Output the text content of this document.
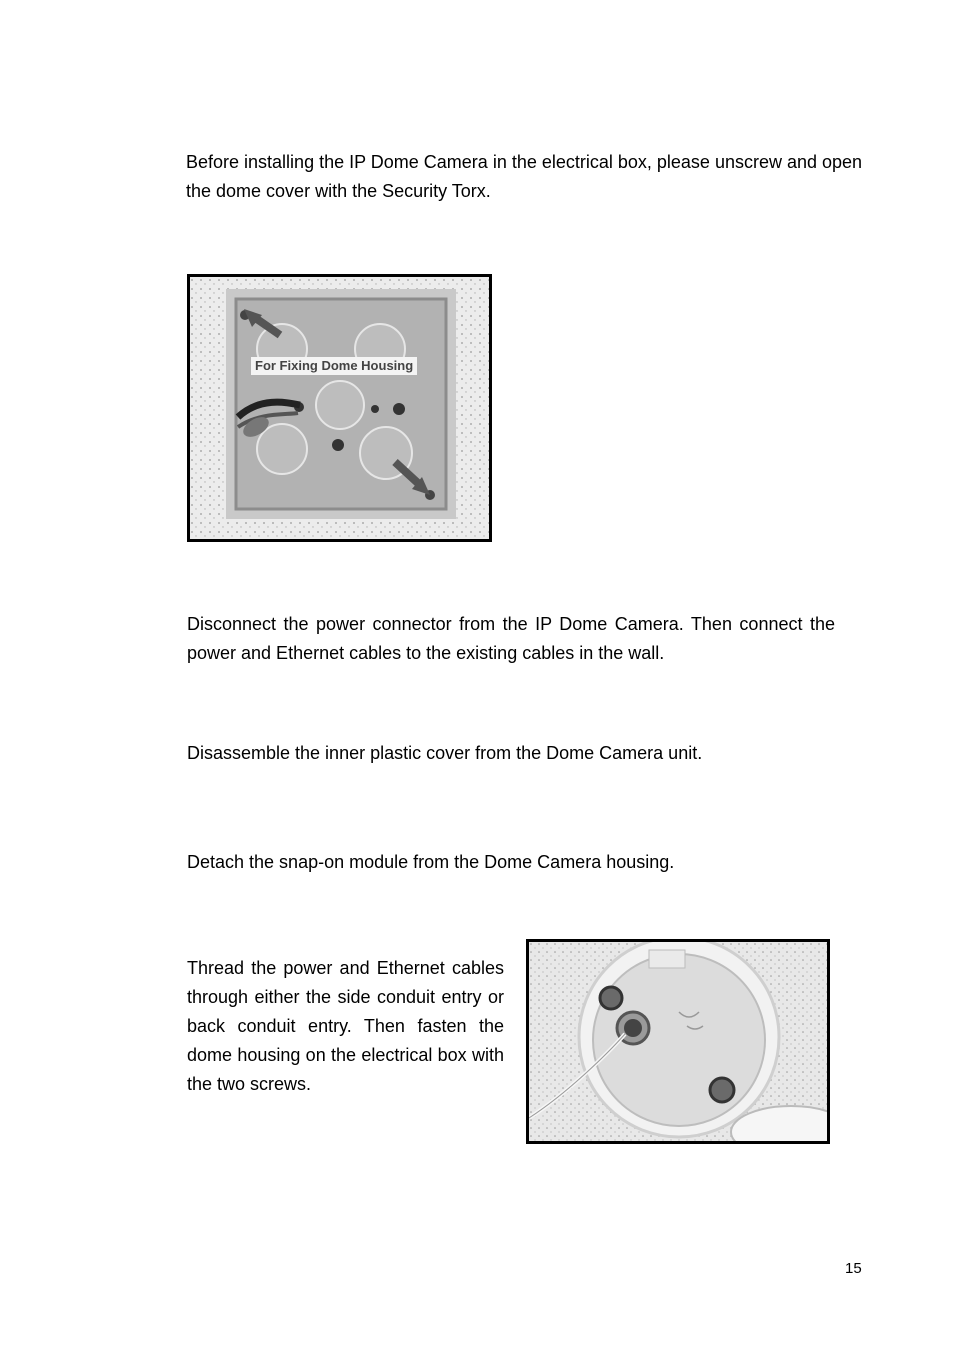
Before installing the IP Dome Camera in the electrical box, please unscrew and open the dome cover with the Security Torx.

For Fixing Dome Housing

Disconnect the power connector from the IP Dome Camera. Then connect the power and Ethernet cables to the existing cables in the wall.

Disassemble the inner plastic cover from the Dome Camera unit.

Detach the snap-on module from the Dome Camera housing.

Thread the power and Ethernet cables through either the side conduit entry or back conduit entry. Then fasten the dome housing on the electrical box with the two screws.

15
